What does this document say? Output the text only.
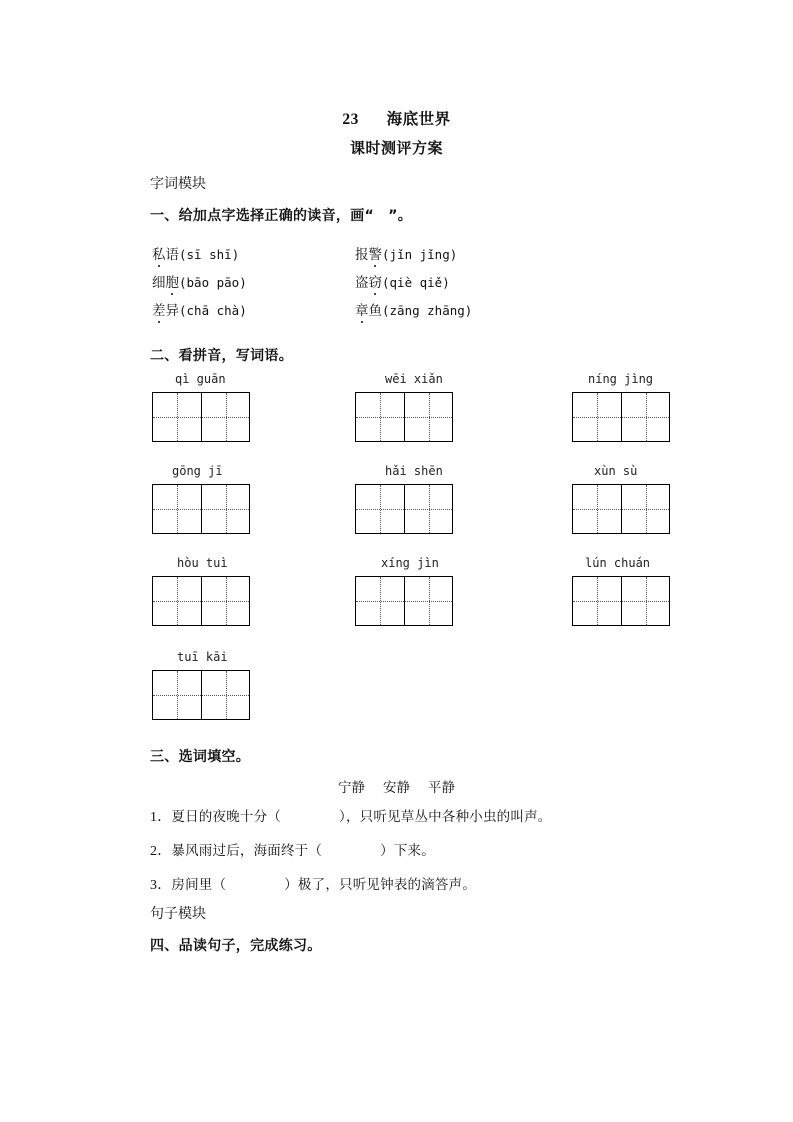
23 海底世界
课时测评方案
字词模块
一、给加点字选择正确的读音，画“　”。
私语(sī shī)	报警(jǐn jǐng)
细胞(bāo pāo)	盗窃(qiè qiě)
差异(chā chà)	章鱼(zāng zhāng)
二、看拼音，写词语。
qì guān	wēi xiǎn	níng jìng
gōng jī	hǎi shēn	xùn sù
hòu tuì	xíng jìn	lún chuán
tuī kāi
三、选词填空。
宁静 安静 平静
1．夏日的夜晚十分（	），只听见草丛中各种小虫的叫声。
2．暴风雨过后，海面终于（	）下来。
3．房间里（	）极了，只听见钟表的滴答声。
句子模块
四、品读句子，完成练习。
